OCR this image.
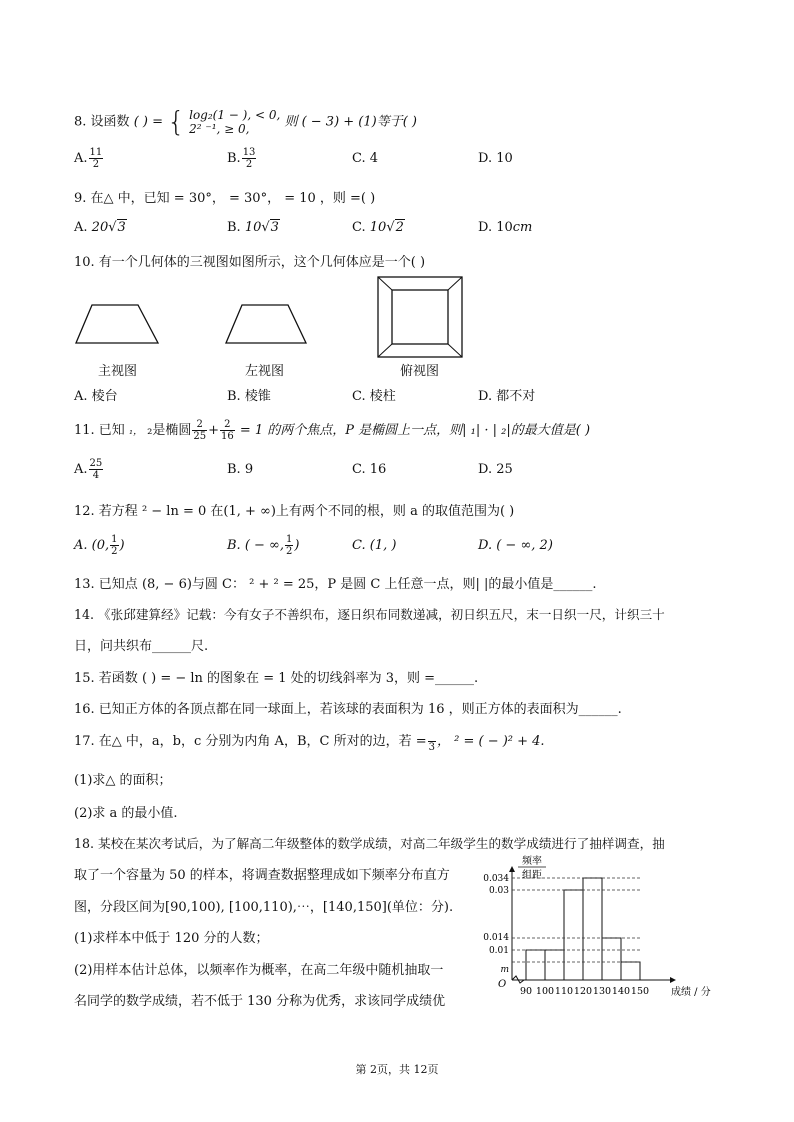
8. 设函数 ( ) = { log₂(1 − ), < 0,
2² ⁻¹, ≥ 0,	则 ( − 3) + (1)等于( )
A. $\frac{11}{2}$	B. $\frac{13}{2}$	C. 4	D. 10
9. 在△ 中，已知 = 30°， = 30°， = 10 ，则 =( )
A. 20√3	B. 10√3	C. 10√2	D. 10cm
10. 有一个几何体的三视图如图所示，这个几何体应是一个( )
主视图	左视图	俯视图
A. 棱台	B. 棱锥	C. 棱柱	D. 都不对
11. 已知 ₁， ₂是椭圆 $\frac{2}{25} + \frac{2}{16} = 1$ 的两个焦点，P 是椭圆上一点，则| ₁| · | ₂|的最大值是( )
A. $\frac{25}{4}$	B. 9	C. 16	D. 25
12. 若方程 ² − ln = 0 在(1, + ∞)上有两个不同的根，则 a 的取值范围为( )
A. (0, $\frac{1}{2}$ )	B. ( − ∞, $\frac{1}{2}$ )	C. (1, )	D. ( − ∞, 2)
13. 已知点 (8, − 6)与圆 C： ² + ² = 25，P 是圆 C 上任意一点，则| |的最小值是______.
14. 《张邱建算经》记载：今有女子不善织布，逐日织布同数递减，初日织五尺，末一日织一尺，计织三十
日，问共织布______尺.
15. 若函数 ( ) = − ln 的图象在 = 1 处的切线斜率为 3，则 =______.
16. 已知正方体的各顶点都在同一球面上，若该球的表面积为 16 ，则正方体的表面积为______.
17. 在△ 中，a，b，c 分别为内角 A，B，C 所对的边，若 =
3 ， ² = ( − )² + 4.
(1)求△ 的面积；
(2)求 a 的最小值.
18. 某校在某次考试后，为了解高二年级整体的数学成绩，对高二年级学生的数学成绩进行了抽样调查，抽
取了一个容量为 50 的样本，将调查数据整理成如下频率分布直方
图，分段区间为[90,100), [100,110),⋯，[140,150](单位：分).
(1)求样本中低于 120 分的人数；
(2)用样本估计总体，以频率作为概率，在高二年级中随机抽取一
名同学的数学成绩，若不低于 130 分称为优秀，求该同学成绩优
频率
组距
成绩 / 分
O
0.034
0.03
0.014
0.01
m
90 100 110 120 130 140 150
第 2页，共 12页
